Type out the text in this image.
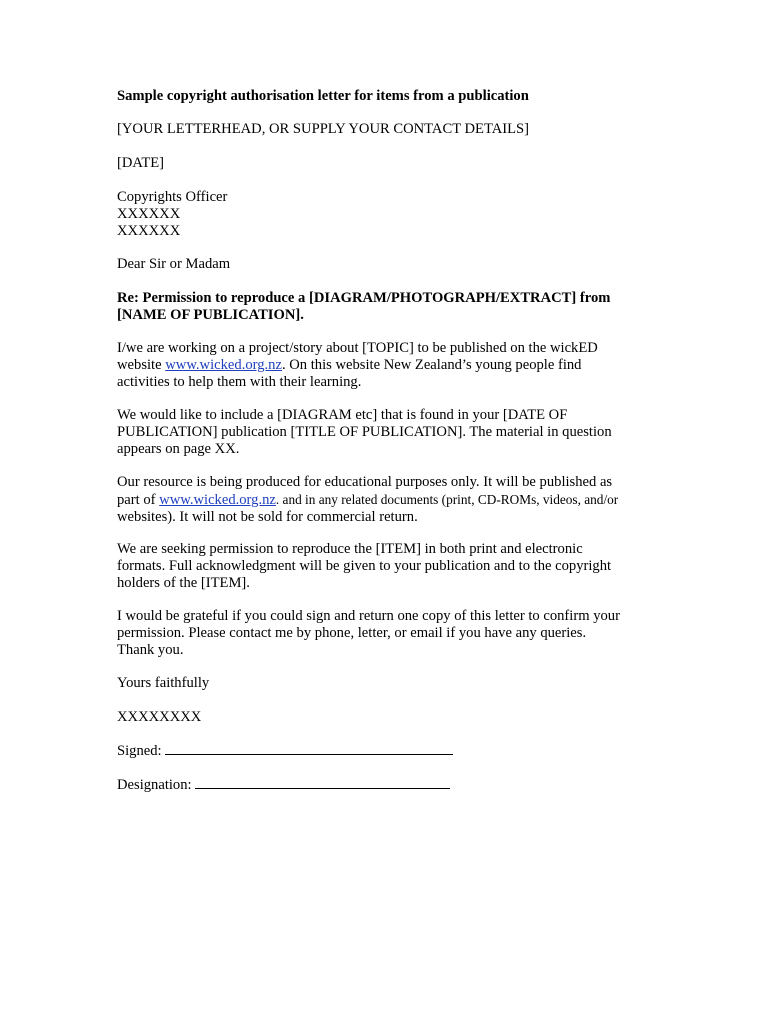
Sample copyright authorisation letter for items from a publication

[YOUR LETTERHEAD, OR SUPPLY YOUR CONTACT DETAILS]

[DATE]

Copyrights Officer

XXXXXX

XXXXXX

Dear Sir or Madam

Re: Permission to reproduce a [DIAGRAM/PHOTOGRAPH/EXTRACT] from

[NAME OF PUBLICATION].

I/we are working on a project/story about [TOPIC] to be published on the wickED

website www.wicked.org.nz. On this website New Zealand’s young people find

activities to help them with their learning.

We would like to include a [DIAGRAM etc] that is found in your [DATE OF

PUBLICATION] publication [TITLE OF PUBLICATION]. The material in question

appears on page XX.

Our resource is being produced for educational purposes only. It will be published as

part of www.wicked.org.nz. and in any related documents (print, CD-ROMs, videos, and/or

websites). It will not be sold for commercial return.

We are seeking permission to reproduce the [ITEM] in both print and electronic

formats. Full acknowledgment will be given to your publication and to the copyright

holders of the [ITEM].

I would be grateful if you could sign and return one copy of this letter to confirm your

permission. Please contact me by phone, letter, or email if you have any queries.

Thank you.

Yours faithfully

XXXXXXXX

Signed:

Designation:
